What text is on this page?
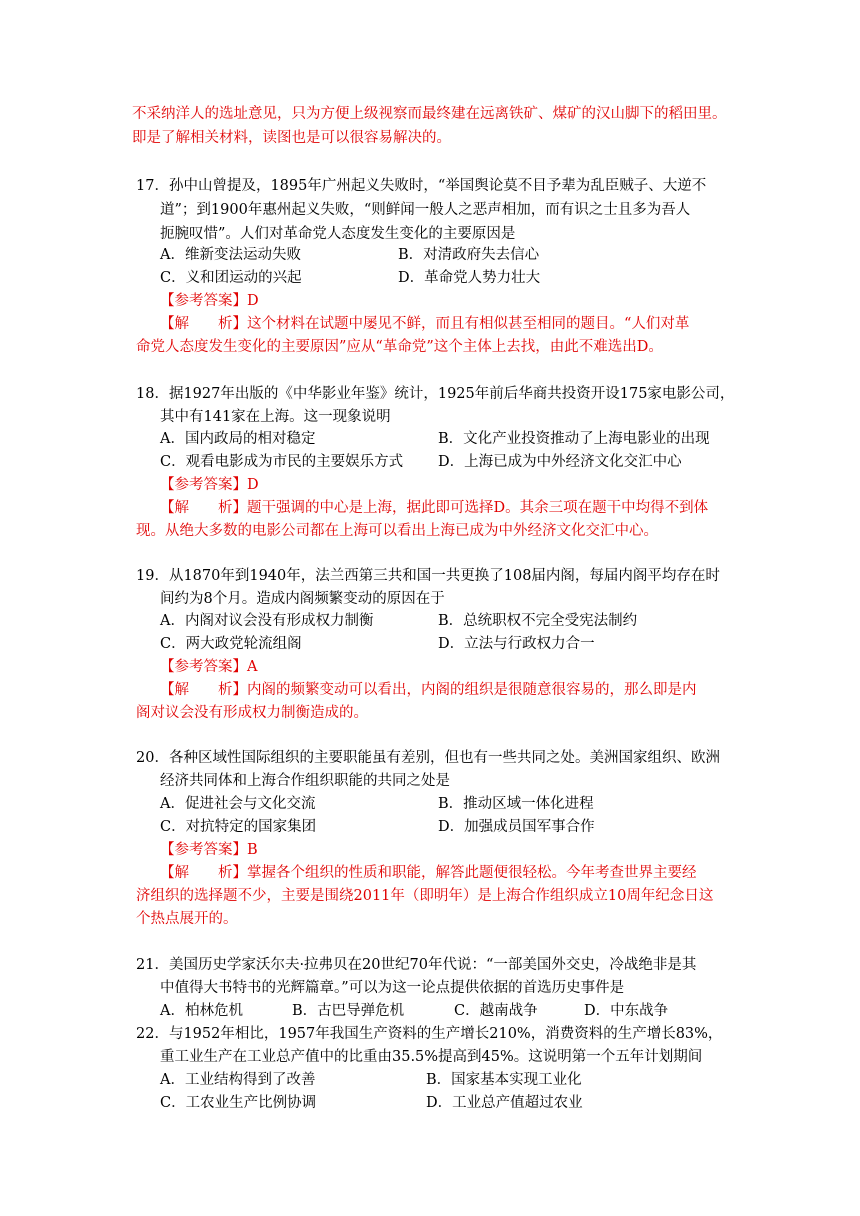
不采纳洋人的选址意见，只为方便上级视察而最终建在远离铁矿、煤矿的汉山脚下的稻田里。
即是了解相关材料，读图也是可以很容易解决的。
17．孙中山曾提及，1895年广州起义失败时，“举国舆论莫不目予辈为乱臣贼子、大逆不
道”；到1900年惠州起义失败，“则鲜闻一般人之恶声相加，而有识之士且多为吾人
扼腕叹惜”。人们对革命党人态度发生变化的主要原因是
A．维新变法运动失败	B．对清政府失去信心
C．义和团运动的兴起	D．革命党人势力壮大
【参考答案】D
【解　　析】这个材料在试题中屡见不鲜，而且有相似甚至相同的题目。“人们对革
命党人态度发生变化的主要原因”应从“革命党”这个主体上去找，由此不难选出D。
18．据1927年出版的《中华影业年鉴》统计，1925年前后华商共投资开设175家电影公司，
其中有141家在上海。这一现象说明
A．国内政局的相对稳定	B．文化产业投资推动了上海电影业的出现
C．观看电影成为市民的主要娱乐方式 D．上海已成为中外经济文化交汇中心
【参考答案】D
【解　　析】题干强调的中心是上海，据此即可选择D。其余三项在题干中均得不到体
现。从绝大多数的电影公司都在上海可以看出上海已成为中外经济文化交汇中心。
19．从1870年到1940年，法兰西第三共和国一共更换了108届内阁，每届内阁平均存在时
间约为8个月。造成内阁频繁变动的原因在于
A．内阁对议会没有形成权力制衡	B．总统职权不完全受宪法制约
C．两大政党轮流组阁	D．立法与行政权力合一
【参考答案】A
【解　　析】内阁的频繁变动可以看出，内阁的组织是很随意很容易的，那么即是内
阁对议会没有形成权力制衡造成的。
20．各种区域性国际组织的主要职能虽有差别，但也有一些共同之处。美洲国家组织、欧洲
经济共同体和上海合作组织职能的共同之处是
A．促进社会与文化交流	B．推动区域一体化进程
C．对抗特定的国家集团	D．加强成员国军事合作
【参考答案】B
【解　　析】掌握各个组织的性质和职能，解答此题便很轻松。今年考查世界主要经
济组织的选择题不少，主要是围绕2011年（即明年）是上海合作组织成立10周年纪念日这
个热点展开的。
21．美国历史学家沃尔夫·拉弗贝在20世纪70年代说：“一部美国外交史，冷战绝非是其
中值得大书特书的光辉篇章。”可以为这一论点提供依据的首选历史事件是
A．柏林危机	B．古巴导弹危机	C．越南战争	D．中东战争
22．与1952年相比，1957年我国生产资料的生产增长210%，消费资料的生产增长83%，
重工业生产在工业总产值中的比重由35.5%提高到45%。这说明第一个五年计划期间
A．工业结构得到了改善	B．国家基本实现工业化
C．工农业生产比例协调	D．工业总产值超过农业
